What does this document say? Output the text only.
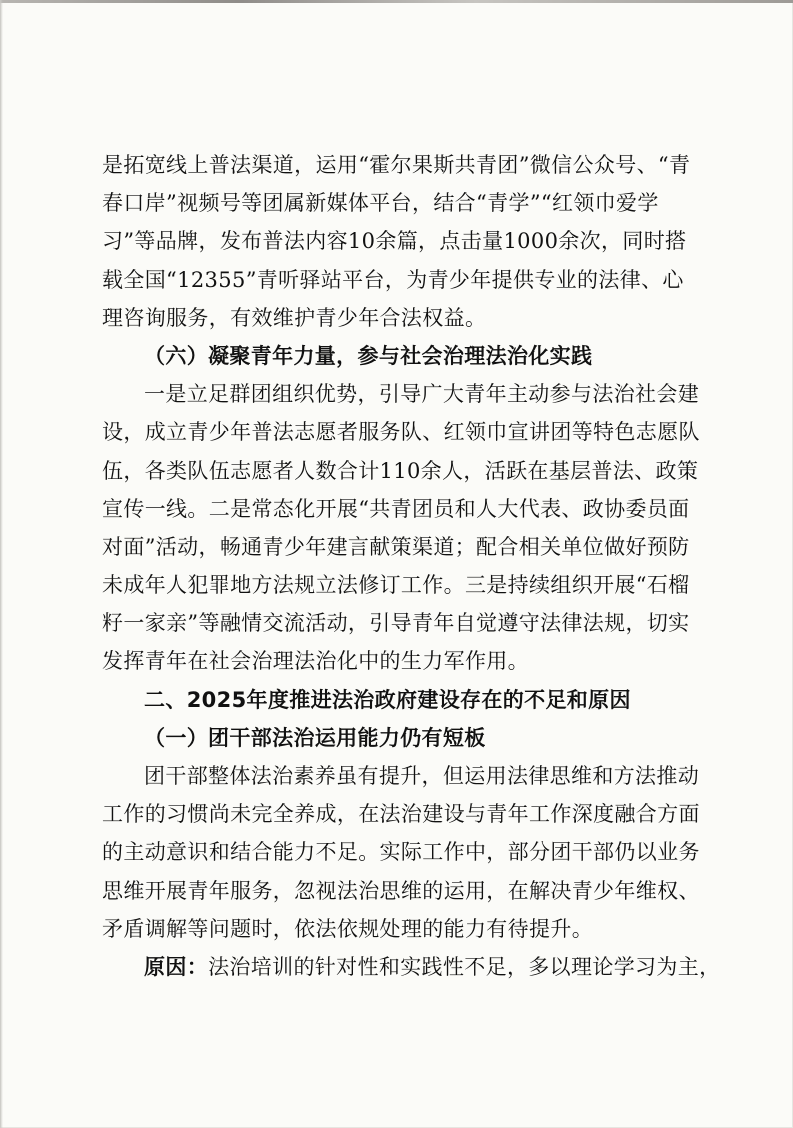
是拓宽线上普法渠道，运用“霍尔果斯共青团”微信公众号、“青
春口岸”视频号等团属新媒体平台，结合“青学”“红领巾爱学
习”等品牌，发布普法内容10余篇，点击量1000余次，同时搭
载全国“12355”青听驿站平台，为青少年提供专业的法律、心
理咨询服务，有效维护青少年合法权益。
（六）凝聚青年力量，参与社会治理法治化实践
一是立足群团组织优势，引导广大青年主动参与法治社会建
设，成立青少年普法志愿者服务队、红领巾宣讲团等特色志愿队
伍，各类队伍志愿者人数合计110余人，活跃在基层普法、政策
宣传一线。二是常态化开展“共青团员和人大代表、政协委员面
对面”活动，畅通青少年建言献策渠道；配合相关单位做好预防
未成年人犯罪地方法规立法修订工作。三是持续组织开展“石榴
籽一家亲”等融情交流活动，引导青年自觉遵守法律法规，切实
发挥青年在社会治理法治化中的生力军作用。
二、2025年度推进法治政府建设存在的不足和原因
（一）团干部法治运用能力仍有短板
团干部整体法治素养虽有提升，但运用法律思维和方法推动
工作的习惯尚未完全养成，在法治建设与青年工作深度融合方面
的主动意识和结合能力不足。实际工作中，部分团干部仍以业务
思维开展青年服务，忽视法治思维的运用，在解决青少年维权、
矛盾调解等问题时，依法依规处理的能力有待提升。
原因：法治培训的针对性和实践性不足，多以理论学习为主，
